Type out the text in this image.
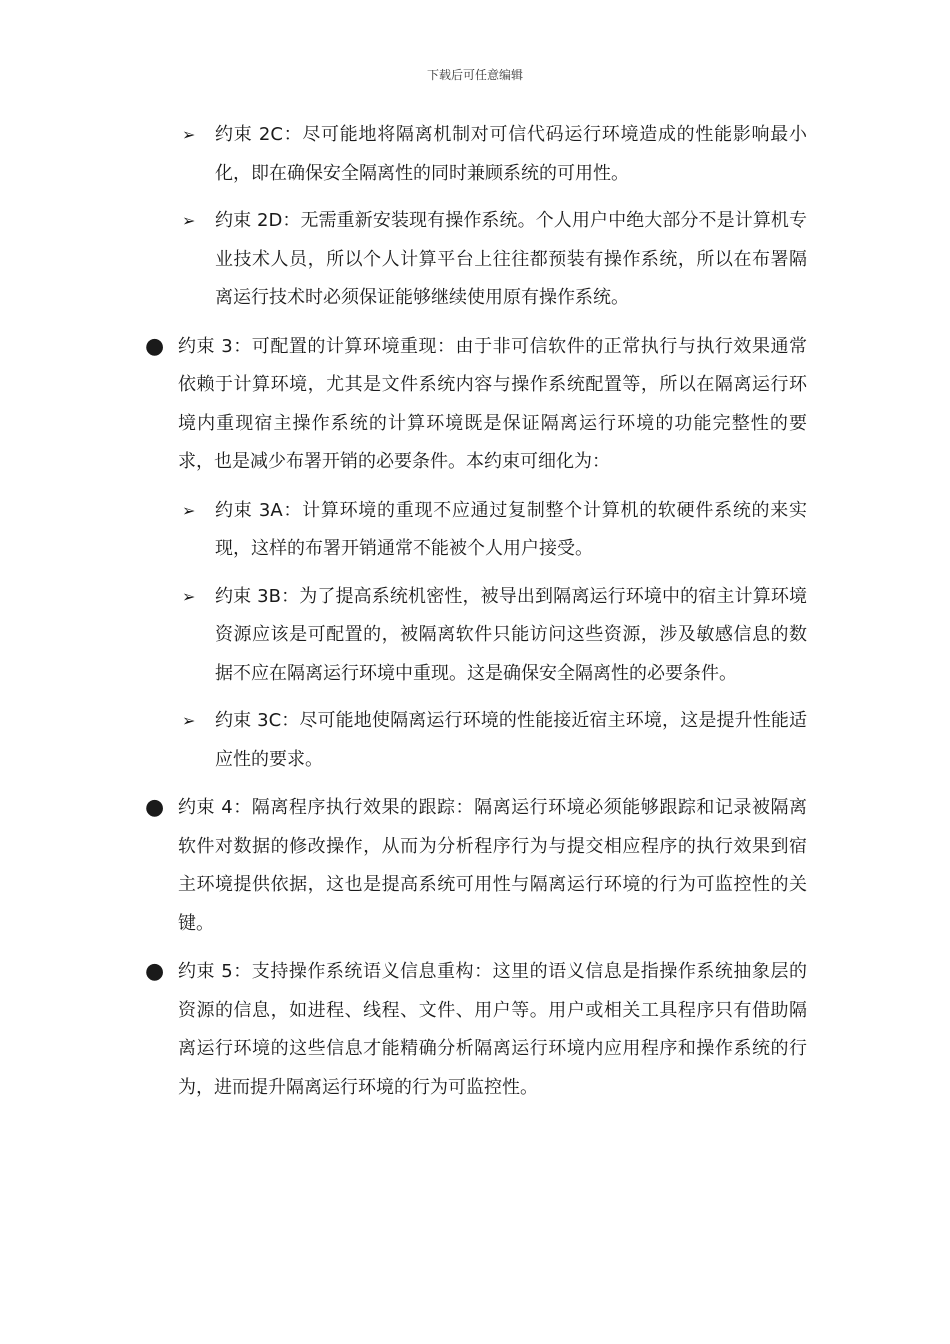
下载后可任意编辑
➢ 约束 2C：尽可能地将隔离机制对可信代码运行环境造成的性能影响最小化，即在确保安全隔离性的同时兼顾系统的可用性。
➢ 约束 2D：无需重新安装现有操作系统。个人用户中绝大部分不是计算机专业技术人员，所以个人计算平台上往往都预装有操作系统，所以在布署隔离运行技术时必须保证能够继续使用原有操作系统。
● 约束 3：可配置的计算环境重现：由于非可信软件的正常执行与执行效果通常依赖于计算环境，尤其是文件系统内容与操作系统配置等，所以在隔离运行环境内重现宿主操作系统的计算环境既是保证隔离运行环境的功能完整性的要求，也是减少布署开销的必要条件。本约束可细化为：
➢ 约束 3A：计算环境的重现不应通过复制整个计算机的软硬件系统的来实现，这样的布署开销通常不能被个人用户接受。
➢ 约束 3B：为了提高系统机密性，被导出到隔离运行环境中的宿主计算环境资源应该是可配置的，被隔离软件只能访问这些资源，涉及敏感信息的数据不应在隔离运行环境中重现。这是确保安全隔离性的必要条件。
➢ 约束 3C：尽可能地使隔离运行环境的性能接近宿主环境，这是提升性能适应性的要求。
● 约束 4：隔离程序执行效果的跟踪：隔离运行环境必须能够跟踪和记录被隔离软件对数据的修改操作，从而为分析程序行为与提交相应程序的执行效果到宿主环境提供依据，这也是提高系统可用性与隔离运行环境的行为可监控性的关键。
● 约束 5：支持操作系统语义信息重构：这里的语义信息是指操作系统抽象层的资源的信息，如进程、线程、文件、用户等。用户或相关工具程序只有借助隔离运行环境的这些信息才能精确分析隔离运行环境内应用程序和操作系统的行为，进而提升隔离运行环境的行为可监控性。
